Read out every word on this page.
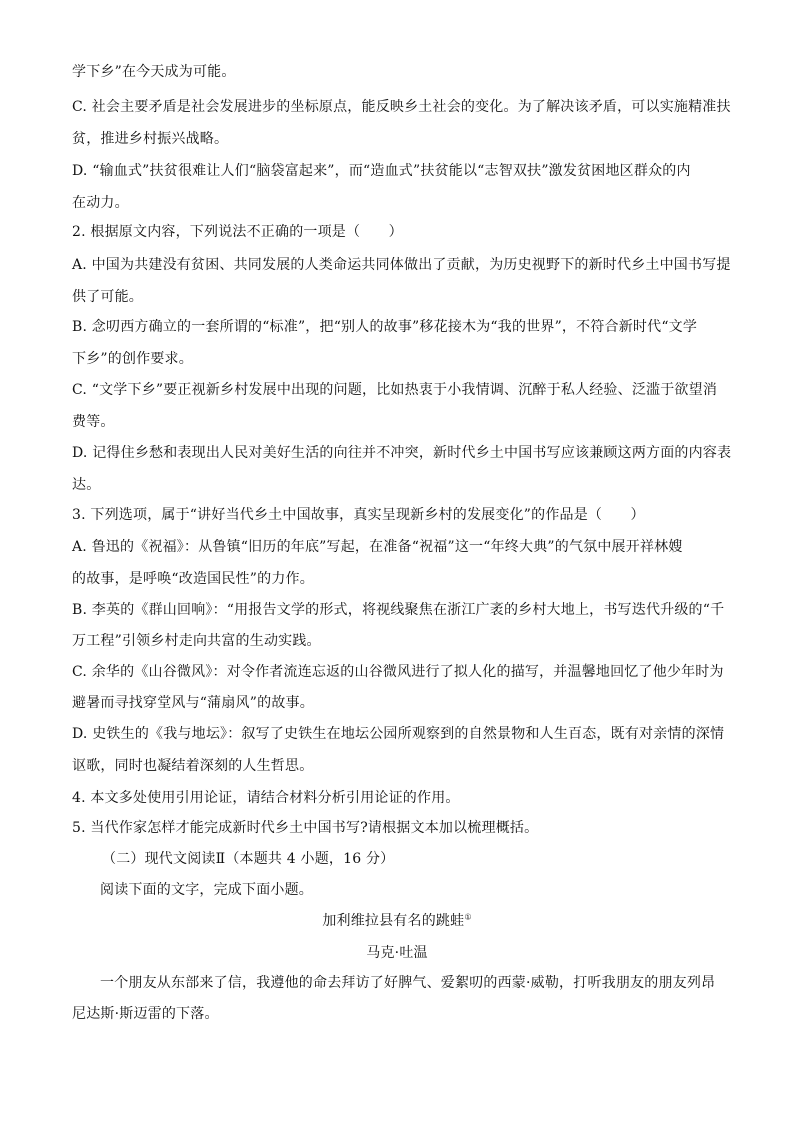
学下乡”在今天成为可能。
C. 社会主要矛盾是社会发展进步的坐标原点，能反映乡土社会的变化。为了解决该矛盾，可以实施精准扶
贫，推进乡村振兴战略。
D. “输血式”扶贫很难让人们“脑袋富起来”，而“造血式”扶贫能以“志智双扶”激发贫困地区群众的内
在动力。
2. 根据原文内容，下列说法不正确的一项是（　　）
A. 中国为共建没有贫困、共同发展的人类命运共同体做出了贡献，为历史视野下的新时代乡土中国书写提
供了可能。
B. 念叨西方确立的一套所谓的“标准”，把“别人的故事”移花接木为“我的世界”，不符合新时代“文学
下乡”的创作要求。
C. “文学下乡”要正视新乡村发展中出现的问题，比如热衷于小我情调、沉醉于私人经验、泛滥于欲望消
费等。
D. 记得住乡愁和表现出人民对美好生活的向往并不冲突，新时代乡土中国书写应该兼顾这两方面的内容表
达。
3. 下列选项，属于“讲好当代乡土中国故事，真实呈现新乡村的发展变化”的作品是（　　）
A. 鲁迅的《祝福》：从鲁镇“旧历的年底”写起，在准备“祝福”这一“年终大典”的气氛中展开祥林嫂
的故事，是呼唤“改造国民性”的力作。
B. 李英的《群山回响》：“用报告文学的形式，将视线聚焦在浙江广袤的乡村大地上，书写迭代升级的“千
万工程”引领乡村走向共富的生动实践。
C. 余华的《山谷微风》：对令作者流连忘返的山谷微风进行了拟人化的描写，并温馨地回忆了他少年时为
避暑而寻找穿堂风与“蒲扇风”的故事。
D. 史铁生的《我与地坛》：叙写了史铁生在地坛公园所观察到的自然景物和人生百态，既有对亲情的深情
讴歌，同时也凝结着深刻的人生哲思。
4. 本文多处使用引用论证，请结合材料分析引用论证的作用。
5. 当代作家怎样才能完成新时代乡土中国书写?请根据文本加以梳理概括。
（二）现代文阅读Ⅱ（本题共 4 小题，16 分）
阅读下面的文字，完成下面小题。
加利维拉县有名的跳蛙①
马克·吐温
一个朋友从东部来了信，我遵他的命去拜访了好脾气、爱絮叨的西蒙·威勒，打听我朋友的朋友列昂
尼达斯·斯迈雷的下落。
